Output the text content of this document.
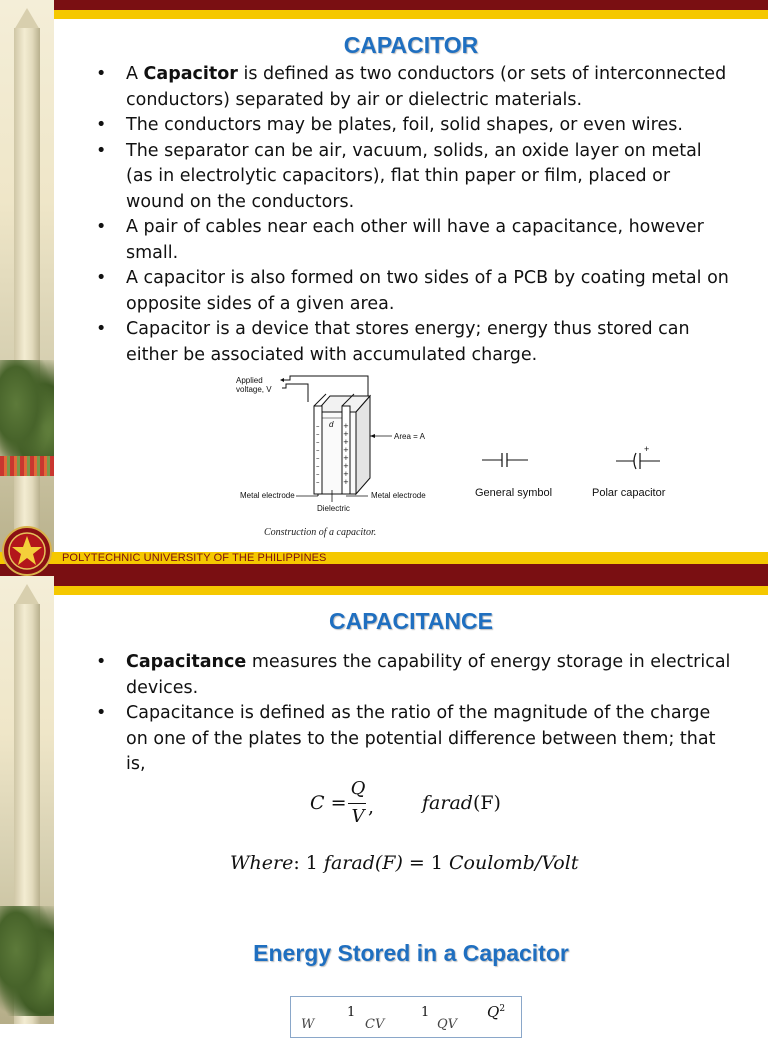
CAPACITOR
• A Capacitor is defined as two conductors (or sets of interconnected conductors) separated by air or dielectric materials.
• The conductors may be plates, foil, solid shapes, or even wires.
• The separator can be air, vacuum, solids, an oxide layer on metal (as in electrolytic capacitors), flat thin paper or film, placed or wound on the conductors.
• A pair of cables near each other will have a capacitance, however small.
• A capacitor is also formed on two sides of a PCB by coating metal on opposite sides of a given area.
• Capacitor is a device that stores energy; energy thus stored can either be associated with accumulated charge.
–
–
–
–
–
–
–
–
+
+
+
+
+
+
+
+
Applied voltage, V
d
Area = A
Metal electrode	Metal electrode
Dielectric
Construction of a capacitor.
General symbol
+
Polar capacitor
POLYTECHNIC UNIVERSITY OF THE PHILIPPINES
CAPACITANCE
• Capacitance measures the capability of energy storage in electrical devices.
• Capacitance is defined as the ratio of the magnitude of the charge on one of the plates to the potential difference between them; that is,
C =
Q
V ,	farad(F)
Where: 1 farad(F) = 1 Coulomb/Volt
Energy Stored in a Capacitor
W
1
CV
1
QV
$Q^2$
